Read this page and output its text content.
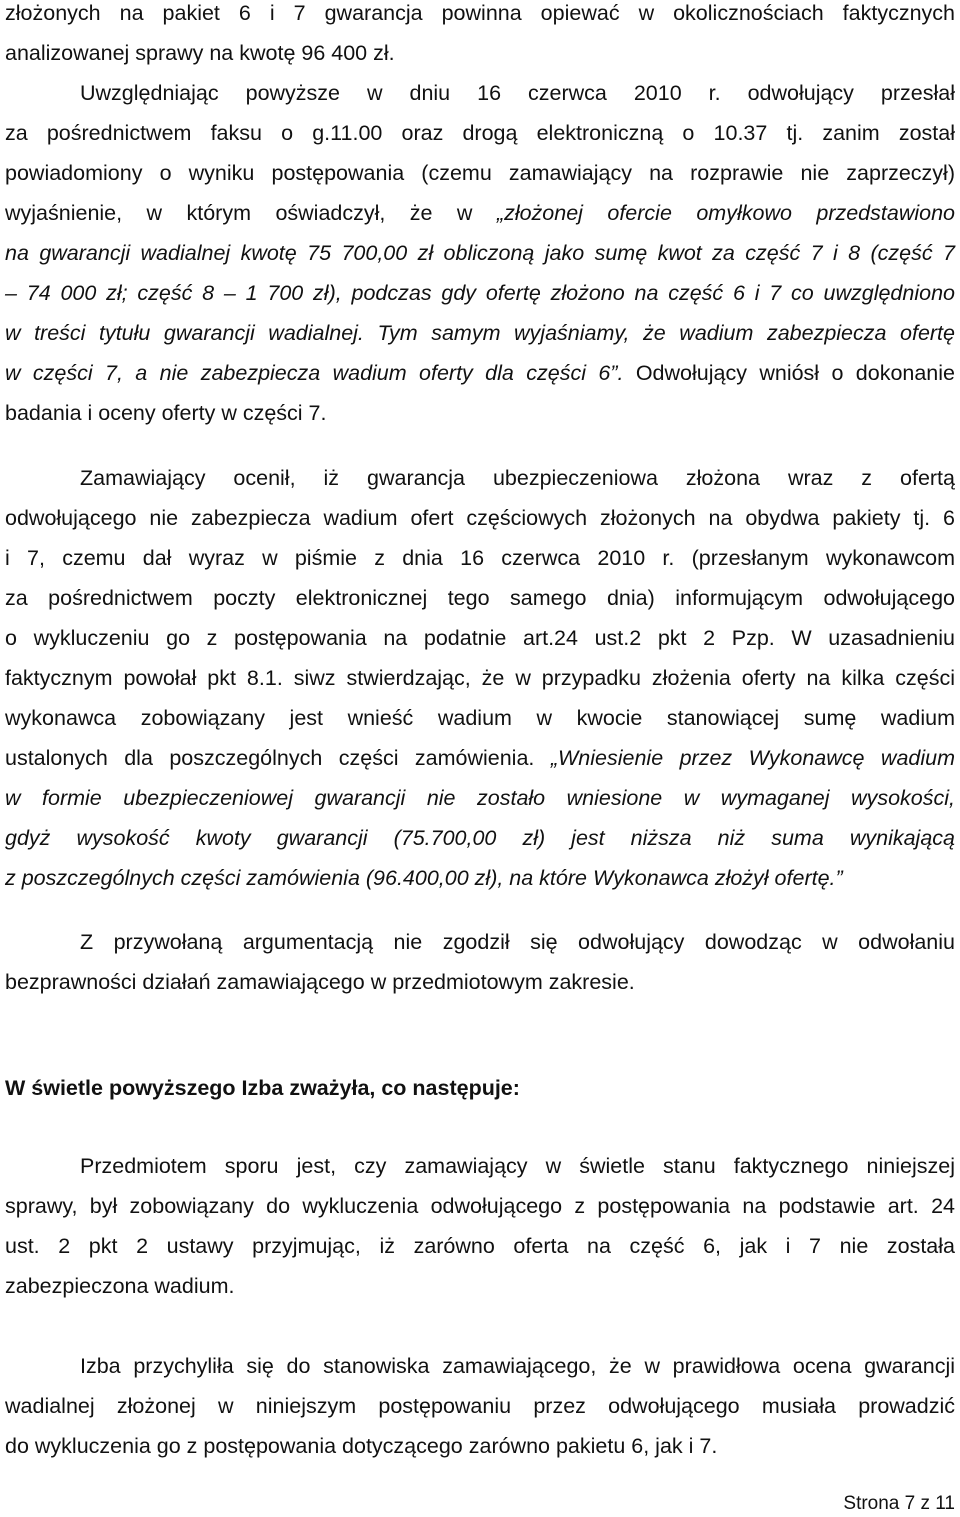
złożonych na pakiet 6 i 7 gwarancja powinna opiewać w okolicznościach faktycznych
analizowanej sprawy na kwotę 96 400 zł.
Uwzględniając powyższe w dniu 16 czerwca 2010 r. odwołujący przesłał
za pośrednictwem faksu o g.11.00 oraz drogą elektroniczną o 10.37 tj. zanim został
powiadomiony o wyniku postępowania (czemu zamawiający na rozprawie nie zaprzeczył)
wyjaśnienie, w którym oświadczył, że w „złożonej ofercie omyłkowo przedstawiono
na gwarancji wadialnej kwotę 75 700,00 zł obliczoną jako sumę kwot za część 7 i 8 (część 7
– 74 000 zł; część 8 – 1 700 zł), podczas gdy ofertę złożono na część 6 i 7 co uwzględniono
w treści tytułu gwarancji wadialnej. Tym samym wyjaśniamy, że wadium zabezpiecza ofertę
w części 7, a nie zabezpiecza wadium oferty dla części 6”. Odwołujący wniósł o dokonanie
badania i oceny oferty w części 7.
Zamawiający ocenił, iż gwarancja ubezpieczeniowa złożona wraz z ofertą
odwołującego nie zabezpiecza wadium ofert częściowych złożonych na obydwa pakiety tj. 6
i 7, czemu dał wyraz w piśmie z dnia 16 czerwca 2010 r. (przesłanym wykonawcom
za pośrednictwem poczty elektronicznej tego samego dnia) informującym odwołującego
o wykluczeniu go z postępowania na podatnie art.24 ust.2 pkt 2 Pzp. W uzasadnieniu
faktycznym powołał pkt 8.1. siwz stwierdzając, że w przypadku złożenia oferty na kilka części
wykonawca zobowiązany jest wnieść wadium w kwocie stanowiącej sumę wadium
ustalonych dla poszczególnych części zamówienia. „Wniesienie przez Wykonawcę wadium
w formie ubezpieczeniowej gwarancji nie zostało wniesione w wymaganej wysokości,
gdyż wysokość kwoty gwarancji (75.700,00 zł) jest niższa niż suma wynikającą
z poszczególnych części zamówienia (96.400,00 zł), na które Wykonawca złożył ofertę.”
Z przywołaną argumentacją nie zgodził się odwołujący dowodząc w odwołaniu
bezprawności działań zamawiającego w przedmiotowym zakresie.
W świetle powyższego Izba zważyła, co następuje:
Przedmiotem sporu jest, czy zamawiający w świetle stanu faktycznego niniejszej
sprawy, był zobowiązany do wykluczenia odwołującego z postępowania na podstawie art. 24
ust. 2 pkt 2 ustawy przyjmując, iż zarówno oferta na część 6, jak i 7 nie została
zabezpieczona wadium.
Izba przychyliła się do stanowiska zamawiającego, że w prawidłowa ocena gwarancji
wadialnej złożonej w niniejszym postępowaniu przez odwołującego musiała prowadzić
do wykluczenia go z postępowania dotyczącego zarówno pakietu 6, jak i 7.
Strona 7 z 11
